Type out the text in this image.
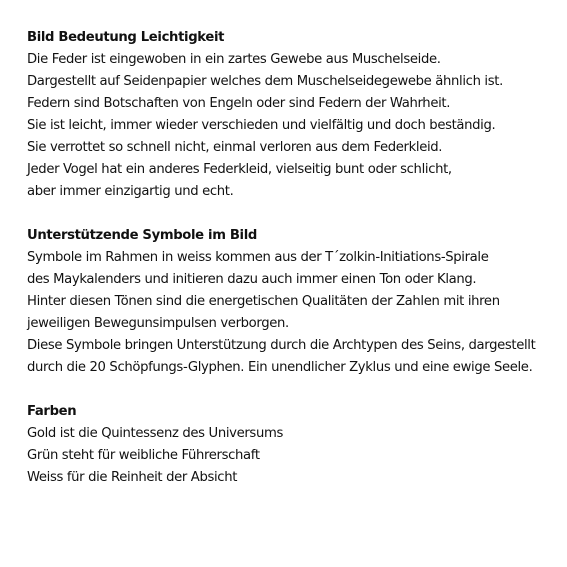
Bild Bedeutung Leichtigkeit

Die Feder ist eingewoben in ein zartes Gewebe aus Muschelseide.

Dargestellt auf Seidenpapier welches dem Muschelseidegewebe ähnlich ist.

Federn sind Botschaften von Engeln oder sind Federn der Wahrheit.

Sie ist leicht, immer wieder verschieden und vielfältig und doch beständig.

Sie verrottet so schnell nicht, einmal verloren aus dem Federkleid.

Jeder Vogel hat ein anderes Federkleid, vielseitig bunt oder schlicht,

aber immer einzigartig und echt.

Unterstützende Symbole im Bild

Symbole im Rahmen in weiss kommen aus der T´zolkin-Initiations-Spirale

des Maykalenders und initieren dazu auch immer einen Ton oder Klang.

Hinter diesen Tönen sind die energetischen Qualitäten der Zahlen mit ihren

jeweiligen Bewegunsimpulsen verborgen.

Diese Symbole bringen Unterstützung durch die Archtypen des Seins, dargestellt

durch die 20 Schöpfungs-Glyphen. Ein unendlicher Zyklus und eine ewige Seele.

Farben

Gold ist die Quintessenz des Universums

Grün steht für weibliche Führerschaft

Weiss für die Reinheit der Absicht
